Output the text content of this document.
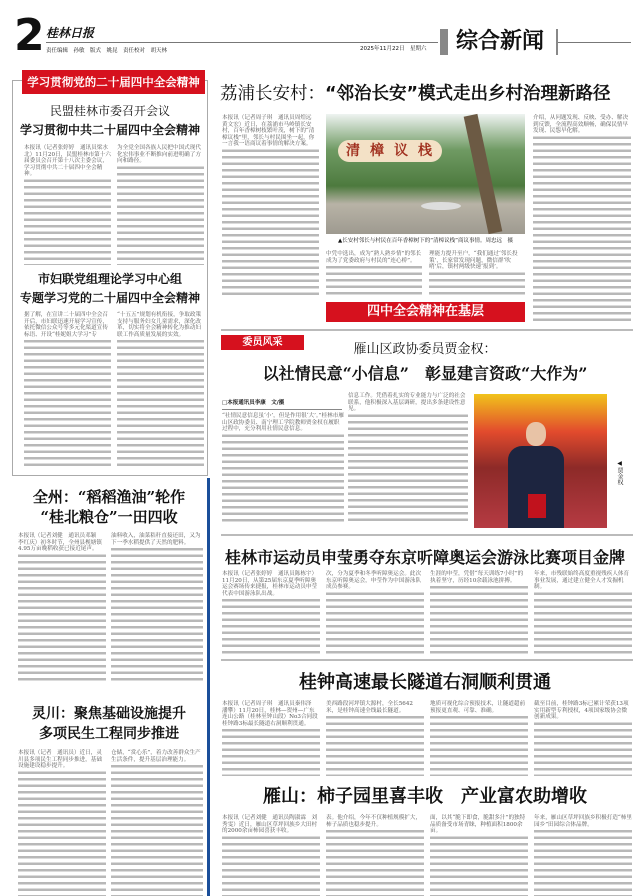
2 桂林日报
责任编辑　孙敏　版式　姚昆　责任校对　胡天林	2025年11月22日　星期六 综合新闻
学习贯彻党的二十届四中全会精神
民盟桂林市委召开会议
学习贯彻中共二十届四中全会精神
本报讯（记者张婷婷　通讯员梁水北）11月20日，民盟桂林市第十六届委员会召开第十八次主委会议，学习贯彻中共二十届四中全会精神。
为全党全国各族人民把中国式现代化宏伟事业不断推向前进明确了方向和路径。
市妇联党组理论学习中心组
专题学习党的二十届四中全会精神
据了解，在宣讲二十届四中全会召开后，市妇联迅速开展学习宣传，依托微信公众号等多元化渠道宣传标语、开设“桂妮姐大学习”专
“十五五”规划有机衔接，争取政策支持与服务妇女儿童需求，深化改革，切实将全会精神转化为推动妇联工作高质量发展的实效。
全州：“稻稻渔油”轮作
“桂北粮仓”一田四收
本报讯（记者刘健　通讯员邓颖　李红庆）初冬时节，全州县枧塘镇4.95万亩晚稻收获已接近尾声。
油料收入，油菜秸秆直接还田，又为下一季水稻提供了天然的肥料。
灵川：聚焦基础设施提升
多项民生工程同步推进
本报讯（记者　通讯员）近日，灵川县多项民生工程同步推进，基础设施建设稳步提升。
仓储，“赏心乐”，着力改善群众生产生活条件，提升基层治理能力。
荔浦长安村：“邻治长安”模式走出乡村治理新路径
本报讯（记者周子琪　通讯员周煌远　黄文宏）近日，在荔浦市马岭镇长安村，百年香樟树枝繁叶茂，树下的“清樟议栈”里，邻长与村民围坐一起，你一言我一语商议着事情的解决方案。	清樟议栈
▲长安村邻长与村民在百年香樟树下的“清樟议栈”商议事情。周忠远　摄
中凭中选出，成为“熟人熟乡情”的邻长成为了党委政府与村民的“连心桥”。
理能力提升至户，“我们通过‘邻长投策’，长家常发现问题，微信群‘吹哨’后，镇村两级快速‘报到’。
介绍，从问题发现、反映、受办、解决到反馈，全流程高效顺畅，确保民情早发现、民怨早化解。
四中全会精神在基层
委员风采	雁山区政协委员贾金权：
以社情民意“小信息”　彰显建言资政“大作为”
□本报通讯员李康　文/摄
“社情民意信息虽‘小’，但是作用很‘大’。”桂林市雁山区政协委员、南宁理工学院教师贾金权在履职过程中，充分利用社情民意信息。
信息工作。凭借着扎实的专业能力与广泛的社会联系，他积极深入基层调研，提出多条建设性意见。
◀贾金权
桂林市运动员申莹勇夺东京听障奥运会游泳比赛项目金牌
本报讯（记者张婷婷　通讯员陈栋宇）11月20日，从第25届东京夏季听障奥运会赛场传来捷报，桂林市运动员申莹代表中国游泳队出战。
次，分为夏季和冬季听障奥运会。此次东京听障奥运会，申莹作为中国游泳队成员参赛。
生涯的申莹，凭借“每天训练7小时”的执着坚守，历经10余载泳池拼搏。
年来，市残联始终高度重视残疾人体育事业发展，通过建立健全人才发掘机制。
桂钟高速最长隧道右洞顺利贯通
本报讯（记者周子琪　通讯员秦伟泽　潘攀）11月20日，桂林—贺州—广东连山公路（桂林至钟山段）No3合同段桂钟路3标最长隧道右洞顺利贯通。
美西路段河坪镇大源村，全长5642米，是桂钟高速全线最长隧道。
地质可视化综合预报技术，让隧道超前预报更直观、可靠、准确。
截至目前，桂钟路3标已累计荣获13项实用新型专利授权，4项国家级协会微创新成果。
雁山：柿子园里喜丰收　产业富农助增收
本报讯（记者刘健　通讯员陶淑霖　刘秀雯）近日，雁山区草坪回族乡大田村的2000余亩柿园喜获丰收。
表。他介绍，今年不仅种植规模扩大，柿子品质也稳步提升。
面，以其“脆下即食，脆甜多汁”的独特品质备受市场青睐，种植面积1800余亩。
年来，雁山区草坪回族乡积极打造“柿里园乡”田园综合体品牌。
